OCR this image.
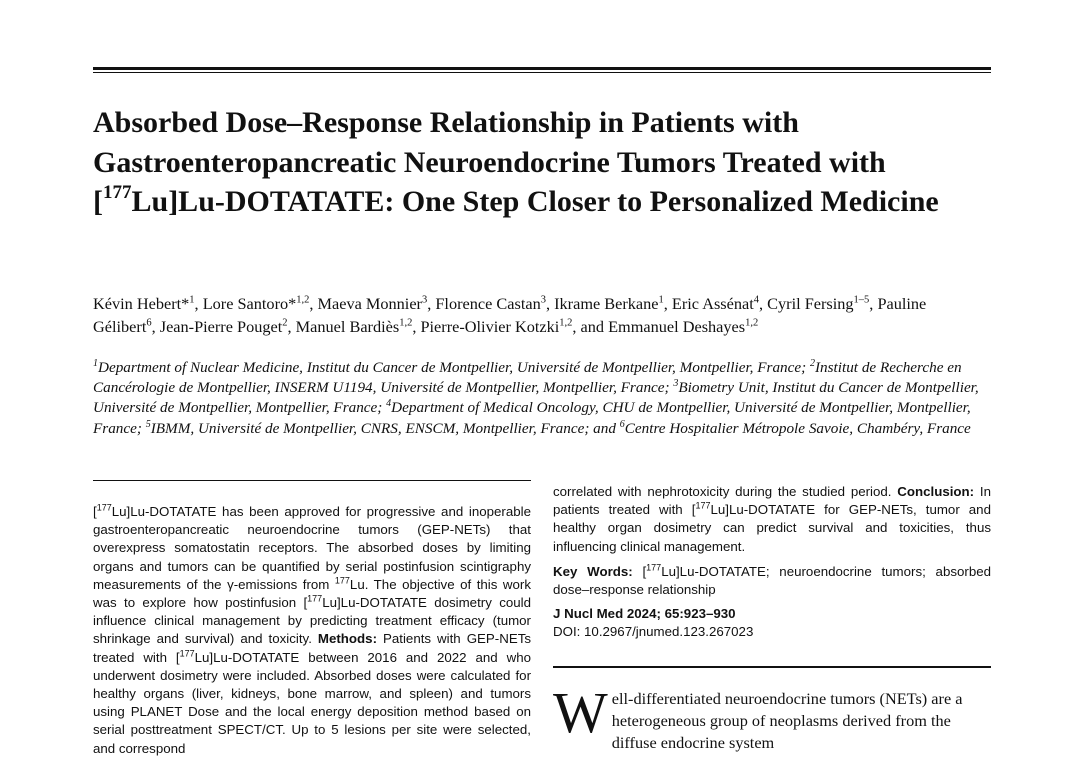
Absorbed Dose–Response Relationship in Patients with Gastroenteropancreatic Neuroendocrine Tumors Treated with [$^{177}$Lu]Lu-DOTATATE: One Step Closer to Personalized Medicine
Kévin Hebert*$^1$, Lore Santoro*$^{1,2}$, Maeva Monnier$^3$, Florence Castan$^3$, Ikrame Berkane$^1$, Eric Assénat$^4$, Cyril Fersing$^{1-5}$, Pauline Gélibert$^6$, Jean-Pierre Pouget$^2$, Manuel Bardiès$^{1,2}$, Pierre-Olivier Kotzki$^{1,2}$, and Emmanuel Deshayes$^{1,2}$
$^1$Department of Nuclear Medicine, Institut du Cancer de Montpellier, Université de Montpellier, Montpellier, France; $^2$Institut de Recherche en Cancérologie de Montpellier, INSERM U1194, Université de Montpellier, Montpellier, France; $^3$Biometry Unit, Institut du Cancer de Montpellier, Université de Montpellier, Montpellier, France; $^4$Department of Medical Oncology, CHU de Montpellier, Université de Montpellier, Montpellier, France; $^5$IBMM, Université de Montpellier, CNRS, ENSCM, Montpellier, France; and $^6$Centre Hospitalier Métropole Savoie, Chambéry, France

[$^{177}$Lu]Lu-DOTATATE has been approved for progressive and inoperable gastroenteropancreatic neuroendocrine tumors (GEP-NETs) that overexpress somatostatin receptors. The absorbed doses by limiting organs and tumors can be quantified by serial postinfusion scintigraphy measurements of the γ-emissions from $^{177}$Lu. The objective of this work was to explore how postinfusion [$^{177}$Lu]Lu-DOTATATE dosimetry could influence clinical management by predicting treatment efficacy (tumor shrinkage and survival) and toxicity. Methods: Patients with GEP-NETs treated with [$^{177}$Lu]Lu-DOTATATE between 2016 and 2022 and who underwent dosimetry were included. Absorbed doses were calculated for healthy organs (liver, kidneys, bone marrow, and spleen) and tumors using PLANET Dose and the local energy deposition method based on serial posttreatment SPECT/CT. Up to 5 lesions per site were selected, and correspond

correlated with nephrotoxicity during the studied period. Conclusion: In patients treated with [$^{177}$Lu]Lu-DOTATATE for GEP-NETs, tumor and healthy organ dosimetry can predict survival and toxicities, thus influencing clinical management.

Key Words: [$^{177}$Lu]Lu-DOTATATE; neuroendocrine tumors; absorbed dose–response relationship

J Nucl Med 2024; 65:923–930

DOI: 10.2967/jnumed.123.267023

Well-differentiated neuroendocrine tumors (NETs) are a heterogeneous group of neoplasms derived from the diffuse endocrine system
